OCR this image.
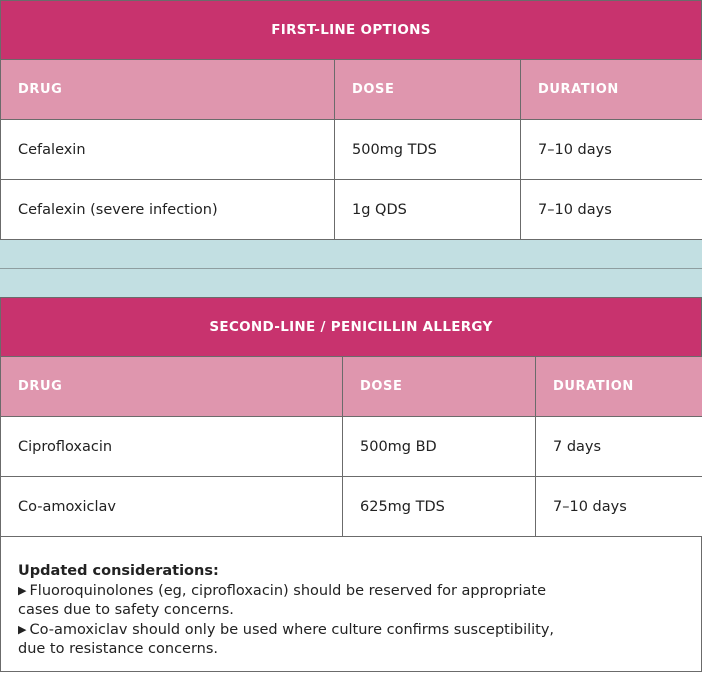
FIRST-LINE OPTIONS
DRUG	DOSE	DURATION
Cefalexin	500mg TDS	7–10 days
Cefalexin (severe infection)	1g QDS	7–10 days
SECOND-LINE / PENICILLIN ALLERGY
DRUG	DOSE	DURATION
Ciprofloxacin	500mg BD	7 days
Co-amoxiclav	625mg TDS	7–10 days
Updated considerations:
▶ Fluoroquinolones (eg, ciprofloxacin) should be reserved for appropriate
cases due to safety concerns.
▶ Co-amoxiclav should only be used where culture confirms susceptibility,
due to resistance concerns.
